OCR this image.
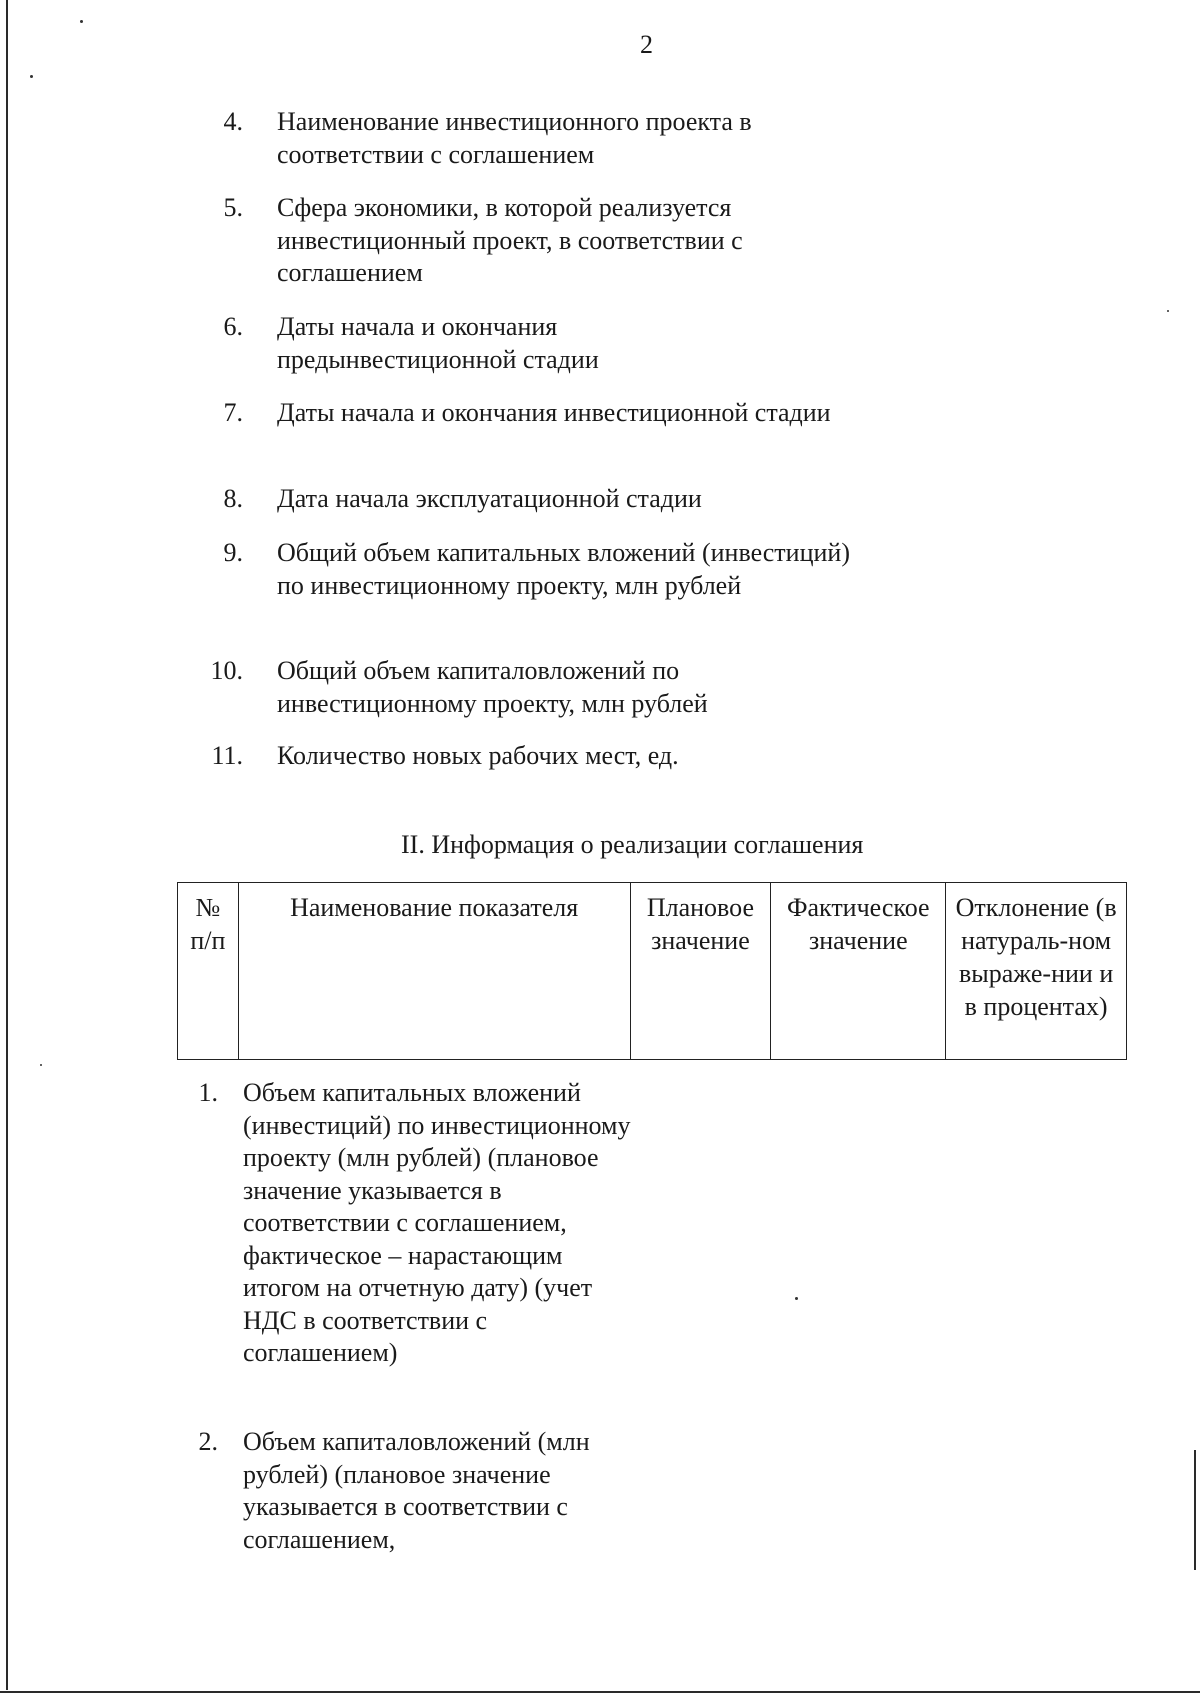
2
4. Наименование инвестиционного проекта в соответствии с соглашением
5. Сфера экономики, в которой реализуется инвестиционный проект, в соответствии с соглашением
6. Даты начала и окончания предынвестиционной стадии
7. Даты начала и окончания инвестиционной стадии
8. Дата начала эксплуатационной стадии
9. Общий объем капитальных вложений (инвестиций) по инвестиционному проекту, млн рублей
10. Общий объем капиталовложений по инвестиционному проекту, млн рублей
11. Количество новых рабочих мест, ед.
II. Информация о реализации соглашения
№ п/п	Наименование показателя	Плановое значение	Фактическое значение	Отклонение (в натураль-ном выраже-нии и в процентах)
1. Объем капитальных вложений (инвестиций) по инвестиционному проекту (млн рублей) (плановое значение указывается в соответствии с соглашением, фактическое – нарастающим итогом на отчетную дату) (учет НДС в соответствии с соглашением)
2. Объем капиталовложений (млн рублей) (плановое значение указывается в соответствии с соглашением,
